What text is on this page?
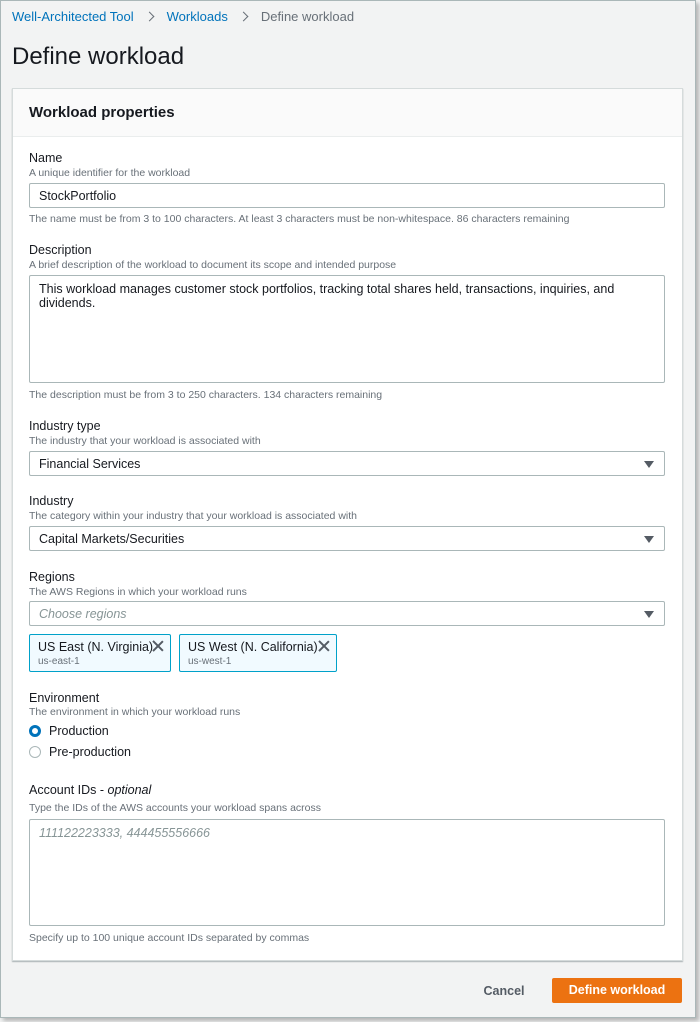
Well-Architected Tool	Workloads	Define workload
Define workload
Workload properties
Name
A unique identifier for the workload
StockPortfolio
The name must be from 3 to 100 characters. At least 3 characters must be non-whitespace. 86 characters remaining
Description
A brief description of the workload to document its scope and intended purpose
This workload manages customer stock portfolios, tracking total shares held, transactions, inquiries, and dividends.
The description must be from 3 to 250 characters. 134 characters remaining
Industry type
The industry that your workload is associated with
Financial Services
Industry
The category within your industry that your workload is associated with
Capital Markets/Securities
Regions
The AWS Regions in which your workload runs
Choose regions
US East (N. Virginia)
us-east-1
US West (N. California)
us-west-1
Environment
The environment in which your workload runs
Production
Pre-production
Account IDs - optional
Type the IDs of the AWS accounts your workload spans across
111122223333, 444455556666
Specify up to 100 unique account IDs separated by commas
Cancel	Define workload
